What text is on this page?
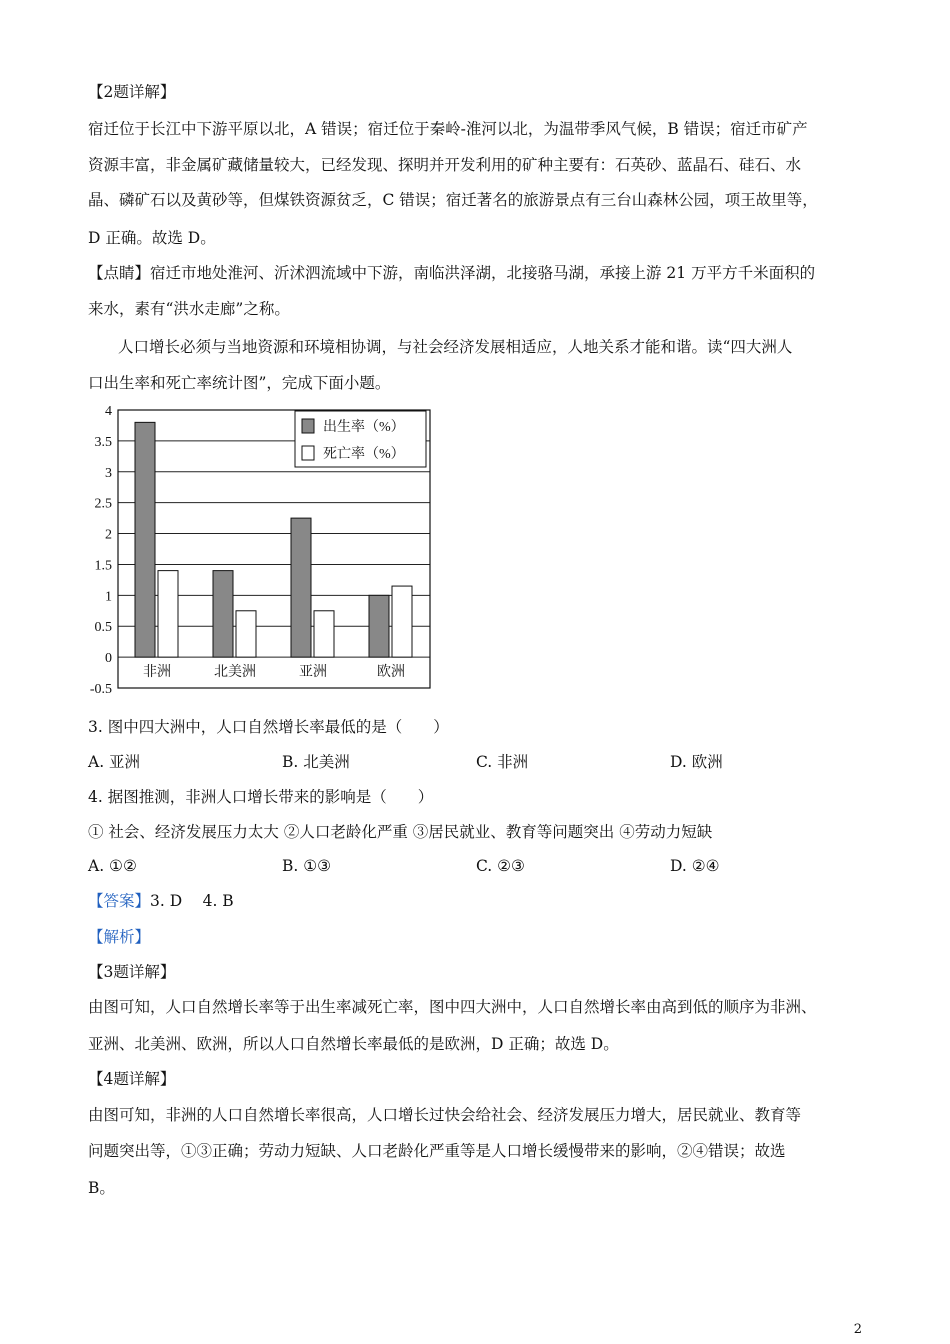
【2题详解】
宿迁位于长江中下游平原以北，A 错误；宿迁位于秦岭-淮河以北，为温带季风气候，B 错误；宿迁市矿产
资源丰富，非金属矿藏储量较大，已经发现、探明并开发利用的矿种主要有：石英砂、蓝晶石、硅石、水
晶、磷矿石以及黄砂等，但煤铁资源贫乏，C 错误；宿迁著名的旅游景点有三台山森林公园，项王故里等，
D 正确。故选 D。
【点睛】宿迁市地处淮河、沂沭泗流域中下游，南临洪泽湖，北接骆马湖，承接上游 21 万平方千米面积的
来水，素有“洪水走廊”之称。
人口增长必须与当地资源和环境相协调，与社会经济发展相适应，人地关系才能和谐。读“四大洲人
口出生率和死亡率统计图”，完成下面小题。
4
3.5
3
2.5
2
1.5
1
0.5
0
-0.5
非洲	北美洲	亚洲	欧洲
出生率（%）
死亡率（%）
3. 图中四大洲中，人口自然增长率最低的是（　　）
A. 亚洲	B. 北美洲	C. 非洲	D. 欧洲
4. 据图推测，非洲人口增长带来的影响是（　　）
① 社会、经济发展压力太大 ②人口老龄化严重 ③居民就业、教育等问题突出 ④劳动力短缺
A. ①②	B. ①③	C. ②③	D. ②④
【答案】3. D　 4. B
【解析】
【3题详解】
由图可知，人口自然增长率等于出生率减死亡率，图中四大洲中，人口自然增长率由高到低的顺序为非洲、
亚洲、北美洲、欧洲，所以人口自然增长率最低的是欧洲，D 正确；故选 D。
【4题详解】
由图可知，非洲的人口自然增长率很高，人口增长过快会给社会、经济发展压力增大，居民就业、教育等
问题突出等，①③正确；劳动力短缺、人口老龄化严重等是人口增长缓慢带来的影响，②④错误；故选
B。
2
